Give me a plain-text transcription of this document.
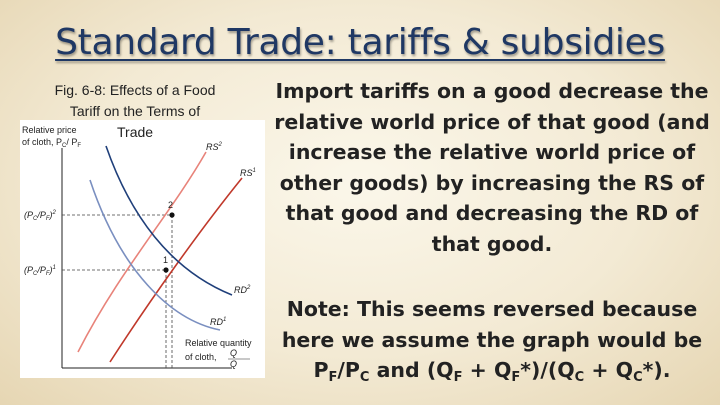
Standard Trade: tariffs & subsidies
Fig. 6-8: Effects of a Food
Tariff on the Terms of
Relative price
of cloth, $P_C/$ $P_F$
$(P_C/P_F)^2$
$(P_C/P_F)^1$
2
1
$RS^2$
$RS^1$
$RD^2$
$RD^1$
Relative quantity
of cloth, Q
Q
Trade
Import tariffs on a good decrease the relative world price of that good (and increase the relative world price of other goods) by increasing the RS of that good and decreasing the RD of that good.
Note: This seems reversed because here we assume the graph would be $P_F/P_C$ and $(Q_F + Q_F*)/(Q_C + Q_C*)$.
